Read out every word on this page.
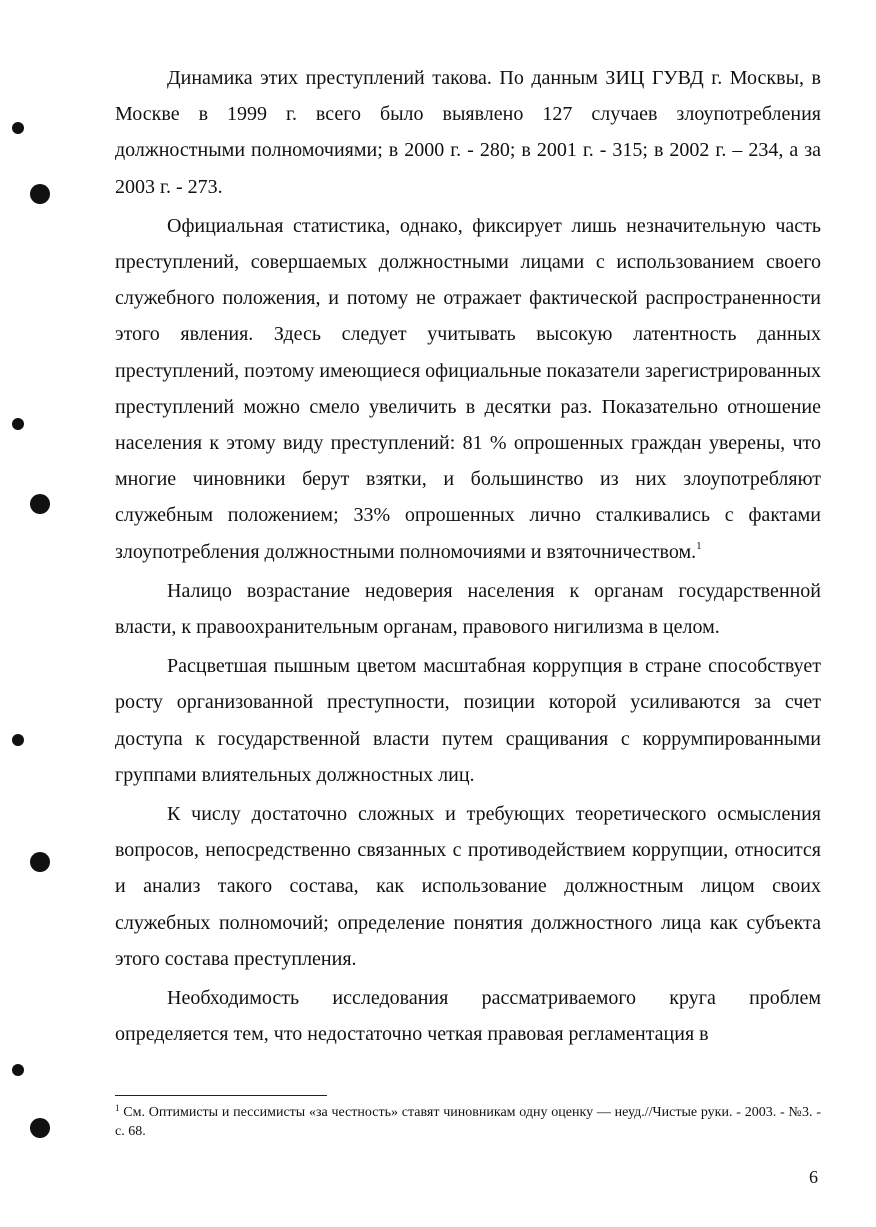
Динамика этих преступлений такова. По данным ЗИЦ ГУВД г. Москвы, в Москве в 1999 г. всего было выявлено 127 случаев злоупотребления должностными полномочиями; в 2000 г. - 280; в 2001 г. - 315; в 2002 г. – 234, а за 2003 г. - 273.

Официальная статистика, однако, фиксирует лишь незначительную часть преступлений, совершаемых должностными лицами с использованием своего служебного положения, и потому не отражает фактической распространенности этого явления. Здесь следует учитывать высокую латентность данных преступлений, поэтому имеющиеся официальные показатели зарегистрированных преступлений можно смело увеличить в десятки раз. Показательно отношение населения к этому виду преступлений: 81 % опрошенных граждан уверены, что многие чиновники берут взятки, и большинство из них злоупотребляют служебным положением; 33% опрошенных лично сталкивались с фактами злоупотребления должностными полномочиями и взяточничеством.$^1$

Налицо возрастание недоверия населения к органам государственной власти, к правоохранительным органам, правового нигилизма в целом.

Расцветшая пышным цветом масштабная коррупция в стране способствует росту организованной преступности, позиции которой усиливаются за счет доступа к государственной власти путем сращивания с коррумпированными группами влиятельных должностных лиц.

К числу достаточно сложных и требующих теоретического осмысления вопросов, непосредственно связанных с противодействием коррупции, относится и анализ такого состава, как использование должностным лицом своих служебных полномочий; определение понятия должностного лица как субъекта этого состава преступления.

Необходимость исследования рассматриваемого круга проблем определяется тем, что недостаточно четкая правовая регламентация в

$^1$ См. Оптимисты и пессимисты «за честность» ставят чиновникам одну оценку — неуд.//Чистые руки. - 2003. - №3. - с. 68.
6
